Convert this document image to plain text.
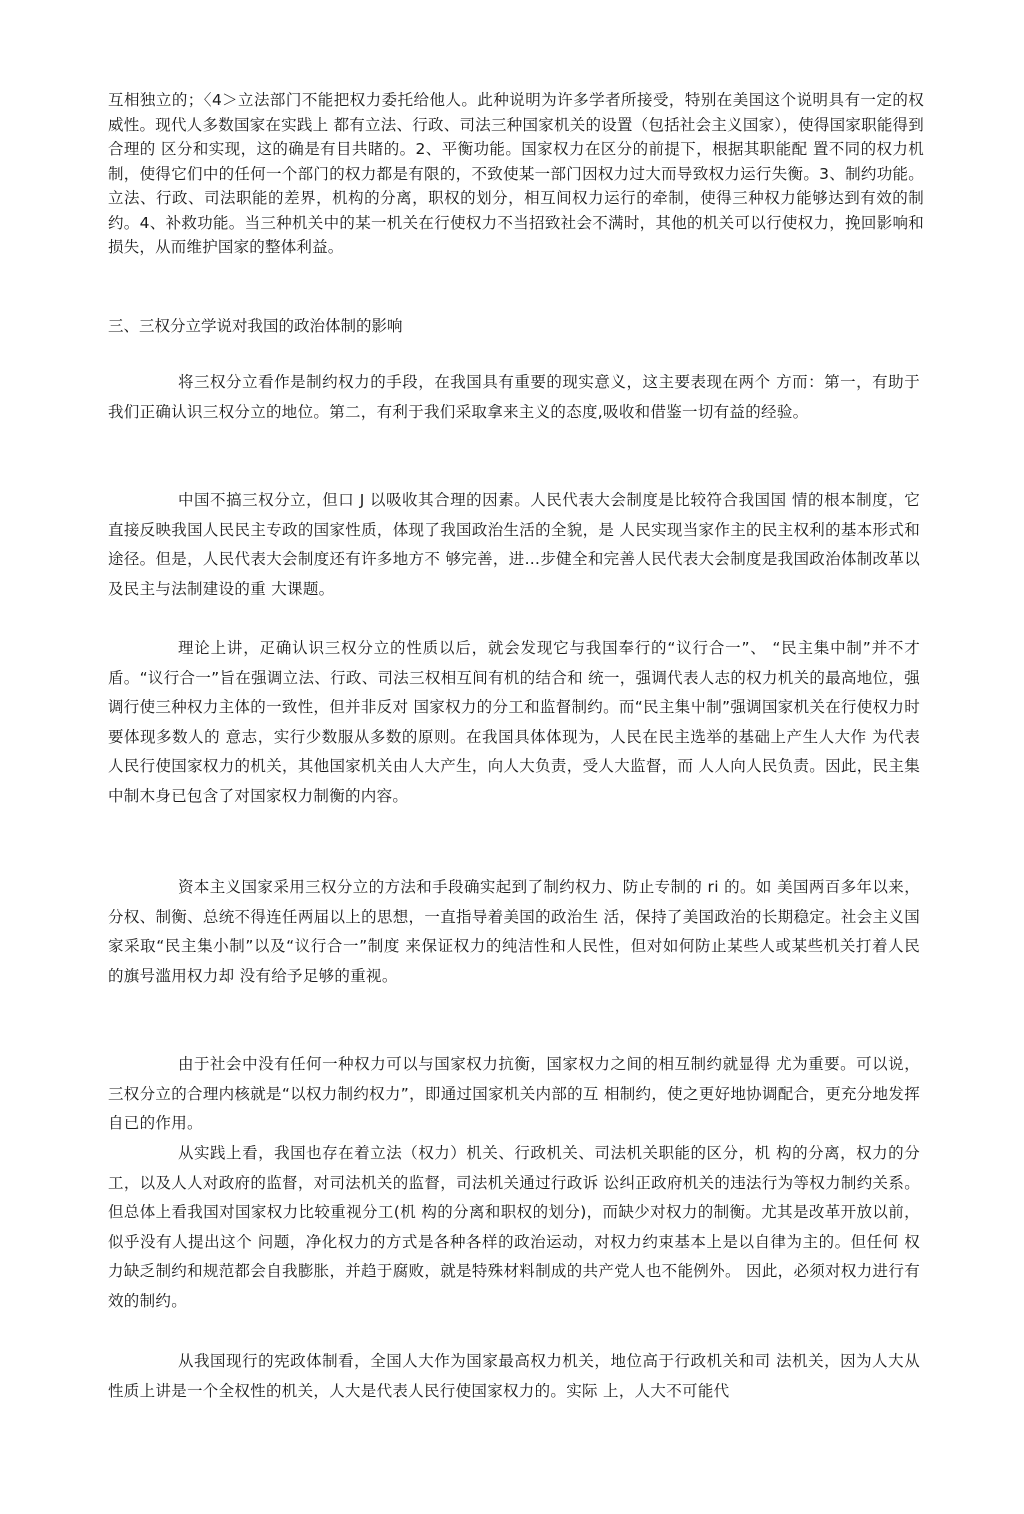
互相独立的；〈4＞立法部门不能把权力委托给他人。此种说明为许多学者所接受，特别在美国这个说明具有一定的权威性。现代人多数国家在实践上 都有立法、行政、司法三种国家机关的设置（包括社会主义国家），使得国家职能得到合理的 区分和实现，这的确是有目共睹的。2、平衡功能。国家权力在区分的前提下，根据其职能配 置不同的权力机制，使得它们中的任何一个部门的权力都是有限的，不致使某一部门因权力过大而导致权力运行失衡。3、制约功能。立法、行政、司法职能的差界，机构的分离，职权的划分，相互间权力运行的牵制，使得三种权力能够达到有效的制约。4、补救功能。当三种机关中的某一机关在行使权力不当招致社会不满时，其他的机关可以行使权力，挽回影响和损失，从而维护国家的整体利益。
三、三权分立学说对我国的政治体制的影响

将三权分立看作是制约权力的手段，在我国具有重要的现实意义，这主要表现在两个 方而：第一，有助于我们正确认识三权分立的地位。第二，有利于我们采取拿来主义的态度,吸收和借鉴一切有益的经验。

中国不搞三权分立，但口 J 以吸收其合理的因素。人民代表大会制度是比较符合我国国 情的根本制度，它直接反映我国人民民主专政的国家性质，体现了我国政治生活的全貌，是 人民实现当家作主的民主权利的基本形式和途径。但是，人民代表大会制度还有许多地方不 够完善，进…步健全和完善人民代表大会制度是我国政治体制改革以及民主与法制建设的重 大课题。

理论上讲，疋确认识三权分立的性质以后，就会发现它与我国奉行的“议行合一”、 “民主集中制”并不才盾。“议行合一”旨在强调立法、行政、司法三权相互间有机的结合和 统一，强调代表人志的权力机关的最高地位，强调行使三种权力主体的一致性，但并非反对 国家权力的分工和监督制约。而“民主集屮制”强调国家机关在行使权力时要体现多数人的 意志，实行少数服从多数的原则。在我国具体体现为，人民在民主选举的基础上产生人大作 为代表人民行使国家权力的机关，其他国家机关由人大产生，向人大负责，受人大监督，而 人人向人民负责。因此，民主集中制木身已包含了对国家权力制衡的内容。

资本主义国家采用三权分立的方法和手段确实起到了制约权力、防止专制的 ri 的。如 美国两百多年以来，分权、制衡、总统不得连任两届以上的思想，一直指导着美国的政治生 活，保持了美国政治的长期稳定。社会主义国家采取“民主集小制”以及“议行合一”制度 来保证权力的纯洁性和人民性，但对如何防止某些人或某些机关打着人民的旗号滥用权力却 没有给予足够的重视。

由于社会中没有任何一种权力可以与国家权力抗衡，国家权力之间的相互制约就显得 尤为重要。可以说，三权分立的合理内核就是“以权力制约权力”，即通过国家机关内部的互 相制约，使之更好地协调配合，更充分地发挥自已的作用。

从实践上看，我国也存在着立法（权力）机关、行政机关、司法机关职能的区分，机 构的分离，权力的分工，以及人人对政府的监督，对司法机关的监督，司法机关通过行政诉 讼纠正政府机关的违法行为等权力制约关系。但总体上看我国对国家权力比较重视分工(机 构的分离和职权的划分)，而缺少对权力的制衡。尤其是改革开放以前，似乎没有人提出这个 问题，净化权力的方式是各种各样的政治运动，对权力约束基本上是以自律为主的。但任何 权力缺乏制约和规范都会自我膨胀，并趋于腐败，就是特殊材料制成的共产党人也不能例外。 因此，必须对权力进行有效的制约。

从我国现行的宪政体制看，全国人大作为国家最高权力机关，地位高于行政机关和司 法机关，因为人大从性质上讲是一个全权性的机关，人大是代表人民行使国家权力的。实际 上，人大不可能代
